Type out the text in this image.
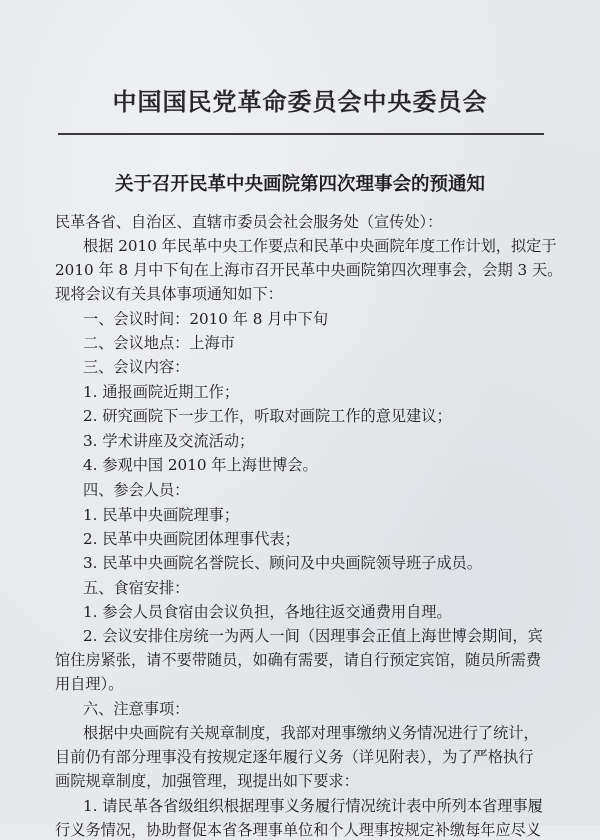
中国国民党革命委员会中央委员会
关于召开民革中央画院第四次理事会的预通知
民革各省、自治区、直辖市委员会社会服务处（宣传处）：
根据 2010 年民革中央工作要点和民革中央画院年度工作计划，拟定于
2010 年 8 月中下旬在上海市召开民革中央画院第四次理事会，会期 3 天。
现将会议有关具体事项通知如下：
一、会议时间：2010 年 8 月中下旬
二、会议地点：上海市
三、会议内容：
1. 通报画院近期工作；
2. 研究画院下一步工作，听取对画院工作的意见建议；
3. 学术讲座及交流活动；
4. 参观中国 2010 年上海世博会。
四、参会人员：
1. 民革中央画院理事；
2. 民革中央画院团体理事代表；
3. 民革中央画院名誉院长、顾问及中央画院领导班子成员。
五、食宿安排：
1. 参会人员食宿由会议负担，各地往返交通费用自理。
2. 会议安排住房统一为两人一间（因理事会正值上海世博会期间，宾
馆住房紧张，请不要带随员，如确有需要，请自行预定宾馆，随员所需费
用自理）。
六、注意事项：
根据中央画院有关规章制度，我部对理事缴纳义务情况进行了统计，
目前仍有部分理事没有按规定逐年履行义务（详见附表），为了严格执行
画院规章制度，加强管理，现提出如下要求：
1. 请民革各省级组织根据理事义务履行情况统计表中所列本省理事履
行义务情况，协助督促本省各理事单位和个人理事按规定补缴每年应尽义
